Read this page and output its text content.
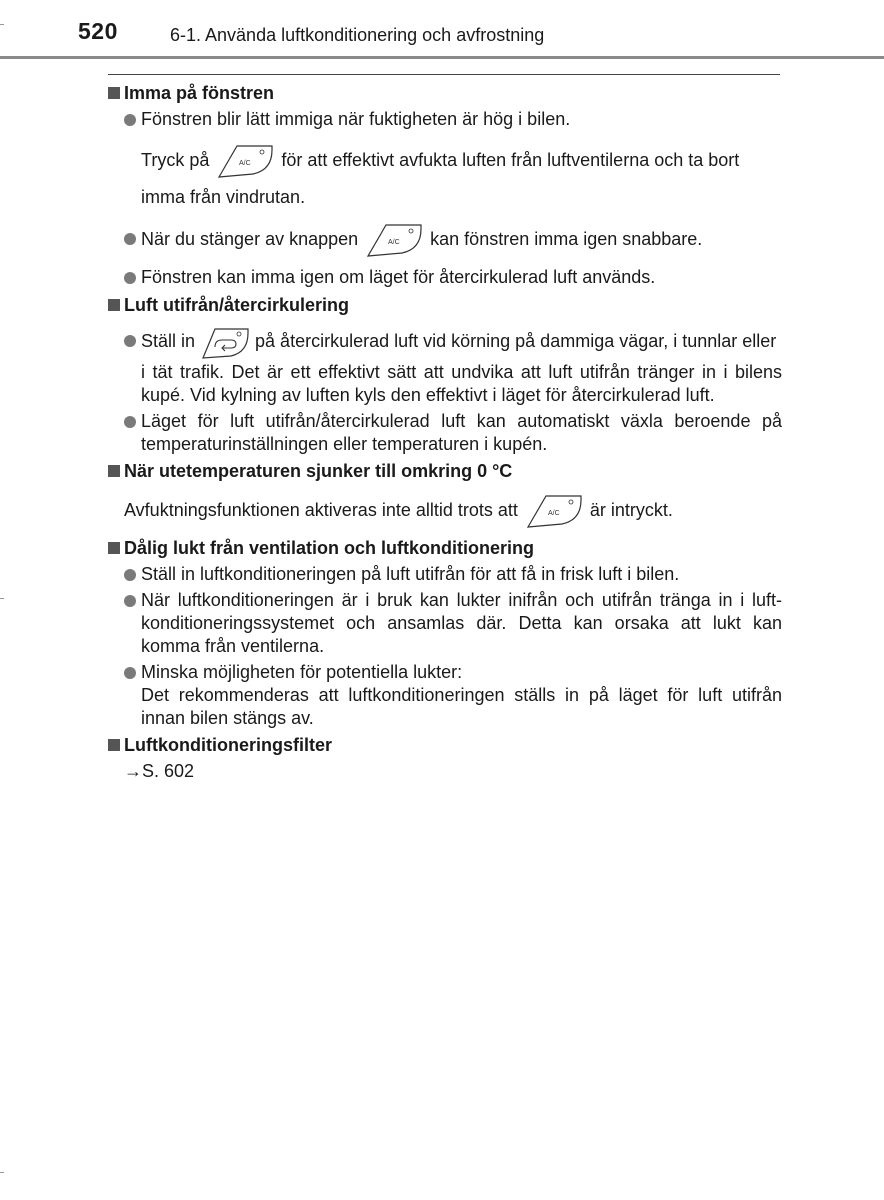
520	6-1. Använda luftkonditionering och avfrostning
Imma på fönstren
Fönstren blir lätt immiga när fuktigheten är hög i bilen.
Tryck på	A/C för att effektivt avfukta luften från luftventilerna och ta bort
imma från vindrutan.
När du stänger av knappen	A/C kan fönstren imma igen snabbare.
Fönstren kan imma igen om läget för återcirkulerad luft används.
Luft utifrån/återcirkulering
Ställ in	på återcirkulerad luft vid körning på dammiga vägar, i tunnlar eller
i tät trafik. Det är ett effektivt sätt att undvika att luft utifrån tränger in i bilens kupé. Vid kylning av luften kyls den effektivt i läget för återcirkulerad luft.
Läget för luft utifrån/återcirkulerad luft kan automatiskt växla beroende på temperaturinställningen eller temperaturen i kupén.
När utetemperaturen sjunker till omkring 0 °C
Avfuktningsfunktionen aktiveras inte alltid trots att	A/C är intryckt.
Dålig lukt från ventilation och luftkonditionering
Ställ in luftkonditioneringen på luft utifrån för att få in frisk luft i bilen.
När luftkonditioneringen är i bruk kan lukter inifrån och utifrån tränga in i luft- konditioneringssystemet och ansamlas där. Detta kan orsaka att lukt kan komma från ventilerna.
Minska möjligheten för potentiella lukter:
Det rekommenderas att luftkonditioneringen ställs in på läget för luft utifrån innan bilen stängs av.
Luftkonditioneringsfilter
→S. 602
